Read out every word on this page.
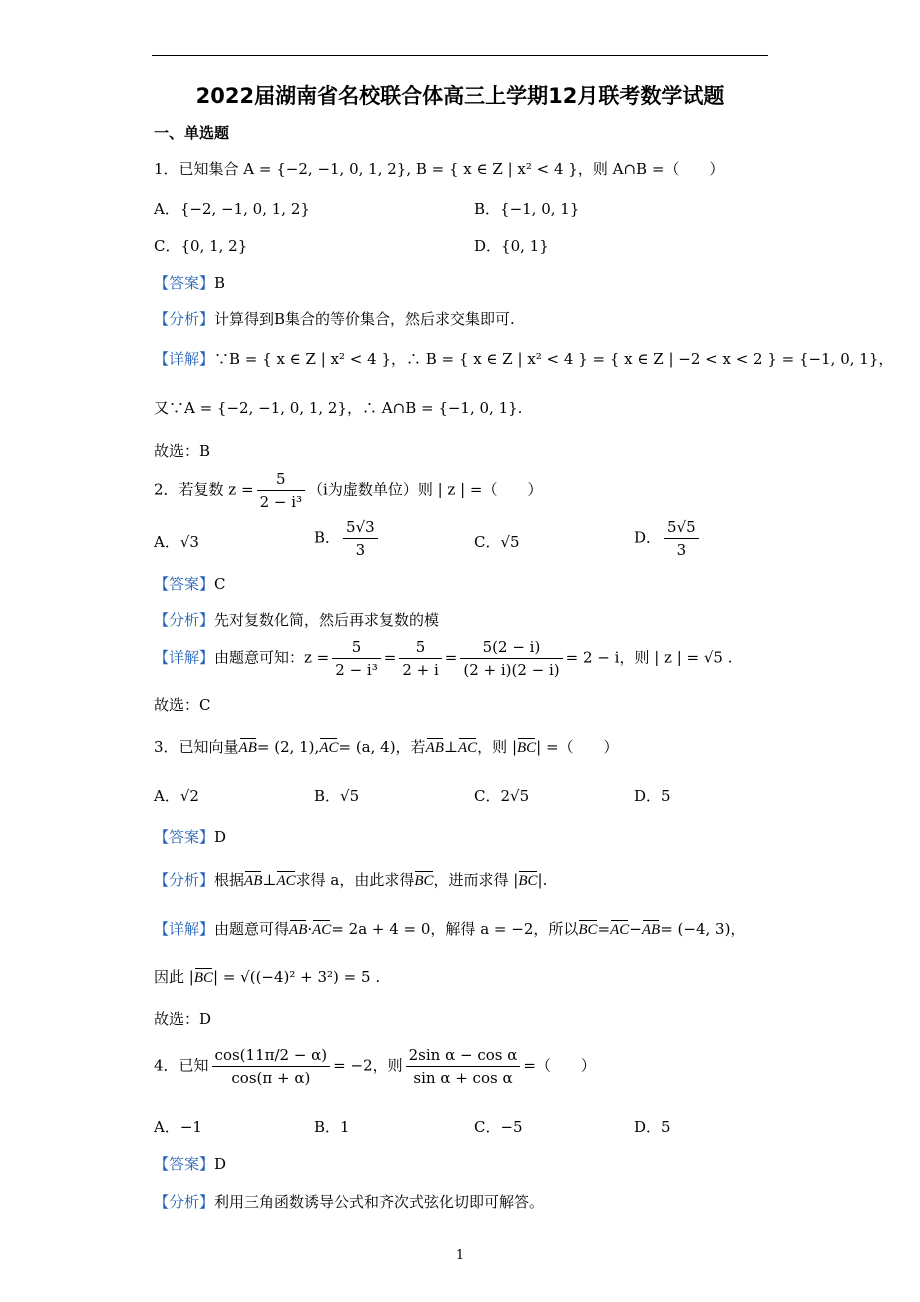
2022届湖南省名校联合体高三上学期12月联考数学试题
一、单选题
1．已知集合 A = {−2, −1, 0, 1, 2}, B = { x ∈ Z | x² < 4 }，则 A∩B =（　　）
A．{−2, −1, 0, 1, 2}	B．{−1, 0, 1}
C．{0, 1, 2}	D．{0, 1}
【答案】B
【分析】计算得到B集合的等价集合，然后求交集即可.
【详解】∵B = { x ∈ Z | x² < 4 }，∴ B = { x ∈ Z | x² < 4 } = { x ∈ Z | −2 < x < 2 } = {−1, 0, 1}，
又∵A = {−2, −1, 0, 1, 2}，∴ A∩B = {−1, 0, 1}.
故选：B
2．若复数 $z = \frac{5}{\text{2 − i³}} (i$为虚数单位）则 | z | =（　　）
A．√3	B． $\frac{5√3}{3}$	C．√5	D． $\frac{5√5}{3}$
【答案】C
【分析】先对复数化简，然后再求复数的模
【详解】由题意可知：$z = \frac{5}{\text{2 − i³}} = \frac{5}{2 + i} = \frac{5(2 - i)}{(2 + i)(2 - i)} = 2 - i$，则 | z | = √5 .
故选：C
3．已知向量AB= (2, 1),AC= (a, 4)，若AB⊥AC，则 |BC| =（　　）
A．√2	B．√5	C．2√5	D．5
【答案】D
【分析】根据AB⊥AC求得 a，由此求得BC，进而求得 |BC|.
【详解】由题意可得AB·AC= 2a + 4 = 0，解得 a = −2，所以BC=AC−AB= (−4, 3)，
因此 |BC| = √((−4)² + 3²) = 5 .
故选：D
4．已知 $\frac{\cos(11\pi/2 - \alpha)}{\cos(\pi + \alpha)} = -2$，则 $\frac{\text{2sin α − cos α}}{\text{sin α + cos α}}$ =（　　）
A．−1	B．1	C．−5	D．5
【答案】D
【分析】利用三角函数诱导公式和齐次式弦化切即可解答。
1
